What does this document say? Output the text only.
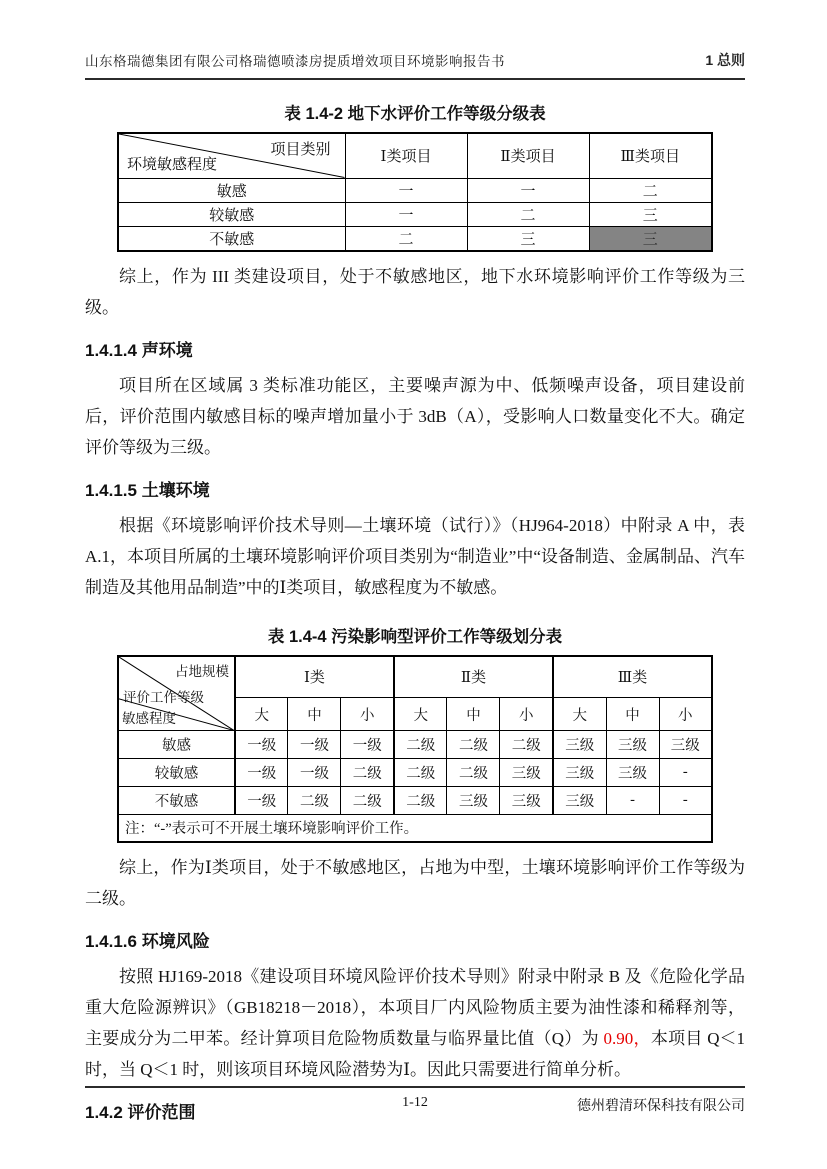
山东格瑞德集团有限公司格瑞德喷漆房提质增效项目环境影响报告书	1 总则
表 1.4-2 地下水评价工作等级分级表
项目类别
环境敏感程度	Ⅰ类项目	Ⅱ类项目	Ⅲ类项目
敏感	一	一	二
较敏感	一	二	三
不敏感	二	三	三

综上，作为 III 类建设项目，处于不敏感地区，地下水环境影响评价工作等级为三级。

1.4.1.4 声环境

项目所在区域属 3 类标准功能区，主要噪声源为中、低频噪声设备，项目建设前后，评价范围内敏感目标的噪声增加量小于 3dB（A），受影响人口数量变化不大。确定评价等级为三级。

1.4.1.5 土壤环境

根据《环境影响评价技术导则—土壤环境（试行）》（HJ964-2018）中附录 A 中，表 A.1，本项目所属的土壤环境影响评价项目类别为“制造业”中“设备制造、金属制品、汽车制造及其他用品制造”中的Ⅰ类项目，敏感程度为不敏感。

表 1.4-4 污染影响型评价工作等级划分表
占地规模
评价工作等级
敏感程度	Ⅰ类			Ⅱ类			Ⅲ类		
	大	中	小	大	中	小	大	中	小
敏感	一级	一级	一级	二级	二级	二级	三级	三级	三级
较敏感	一级	一级	二级	二级	二级	三级	三级	三级	-
不敏感	一级	二级	二级	二级	三级	三级	三级	-	-
注：“-”表示可不开展土壤环境影响评价工作。									

综上，作为Ⅰ类项目，处于不敏感地区，占地为中型，土壤环境影响评价工作等级为二级。

1.4.1.6 环境风险

按照 HJ169-2018《建设项目环境风险评价技术导则》附录中附录 B 及《危险化学品重大危险源辨识》（GB18218－2018），本项目厂内风险物质主要为油性漆和稀释剂等，主要成分为二甲苯。经计算项目危险物质数量与临界量比值（Q）为 0.90，本项目 Q＜1 时，当 Q＜1 时，则该项目环境风险潜势为Ⅰ。因此只需要进行简单分析。

1.4.2 评价范围	1-12	德州碧清环保科技有限公司
